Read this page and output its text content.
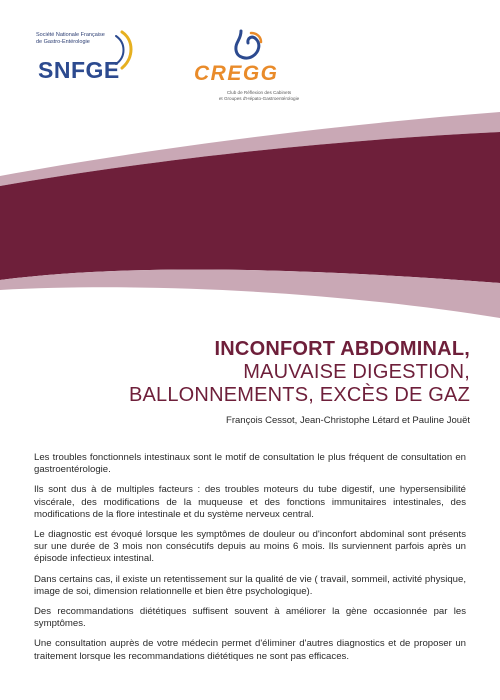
Société Nationale Française
de Gastro-Entérologie
SNFGE	CREGG
Club de Réflexion des Cabinets
et Groupes d'Hépato-Gastroentérologie
INCONFORT ABDOMINAL,
MAUVAISE DIGESTION,
BALLONNEMENTS, EXCÈS DE GAZ
François Cessot, Jean-Christophe Létard et Pauline Jouët

Les troubles fonctionnels intestinaux sont le motif de consultation le plus fréquent de consultation en gastroentérologie.

Ils sont dus à de multiples facteurs : des troubles moteurs du tube digestif, une hypersensibilité viscérale, des modifications de la muqueuse et des fonctions immunitaires intestinales, des modifications de la flore intestinale et du système nerveux central.

Le diagnostic est évoqué lorsque les symptômes de douleur ou d'inconfort abdominal sont présents sur une durée de 3 mois non consécutifs depuis au moins 6 mois. Ils surviennent parfois après un épisode infectieux intestinal.

Dans certains cas, il existe un retentissement sur la qualité de vie ( travail, sommeil, activité physique, image de soi, dimension relationnelle et bien être psychologique).

Des recommandations diététiques suffisent souvent à améliorer la gène occasionnée par les symptômes.

Une consultation auprès de votre médecin permet d'éliminer d'autres diagnostics et de proposer un traitement lorsque les recommandations diététiques ne sont pas efficaces.
